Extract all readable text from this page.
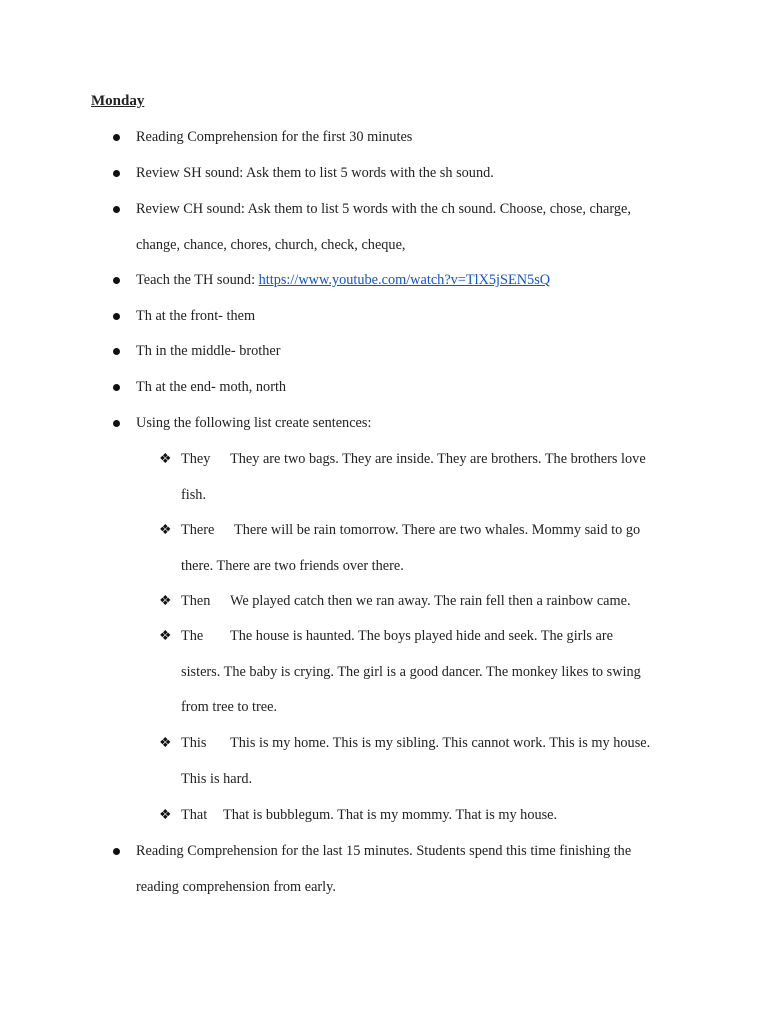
Monday
Reading Comprehension for the first 30 minutes
Review SH sound: Ask them to list 5 words with the sh sound.
Review CH sound: Ask them to list 5 words with the ch sound. Choose, chose, charge,
change, chance, chores, church, check, cheque,
Teach the TH sound: https://www.youtube.com/watch?v=TlX5jSEN5sQ
Th at the front- them
Th in the middle- brother
Th at the end- moth, north
Using the following list create sentences:
❖ They They are two bags. They are inside. They are brothers. The brothers love
fish.
❖ There There will be rain tomorrow. There are two whales. Mommy said to go
there. There are two friends over there.
❖ Then We played catch then we ran away. The rain fell then a rainbow came.
❖ The The house is haunted. The boys played hide and seek. The girls are
sisters. The baby is crying. The girl is a good dancer. The monkey likes to swing
from tree to tree.
❖ This This is my home. This is my sibling. This cannot work. This is my house.
This is hard.
❖ That That is bubblegum. That is my mommy. That is my house.
Reading Comprehension for the last 15 minutes. Students spend this time finishing the
reading comprehension from early.
